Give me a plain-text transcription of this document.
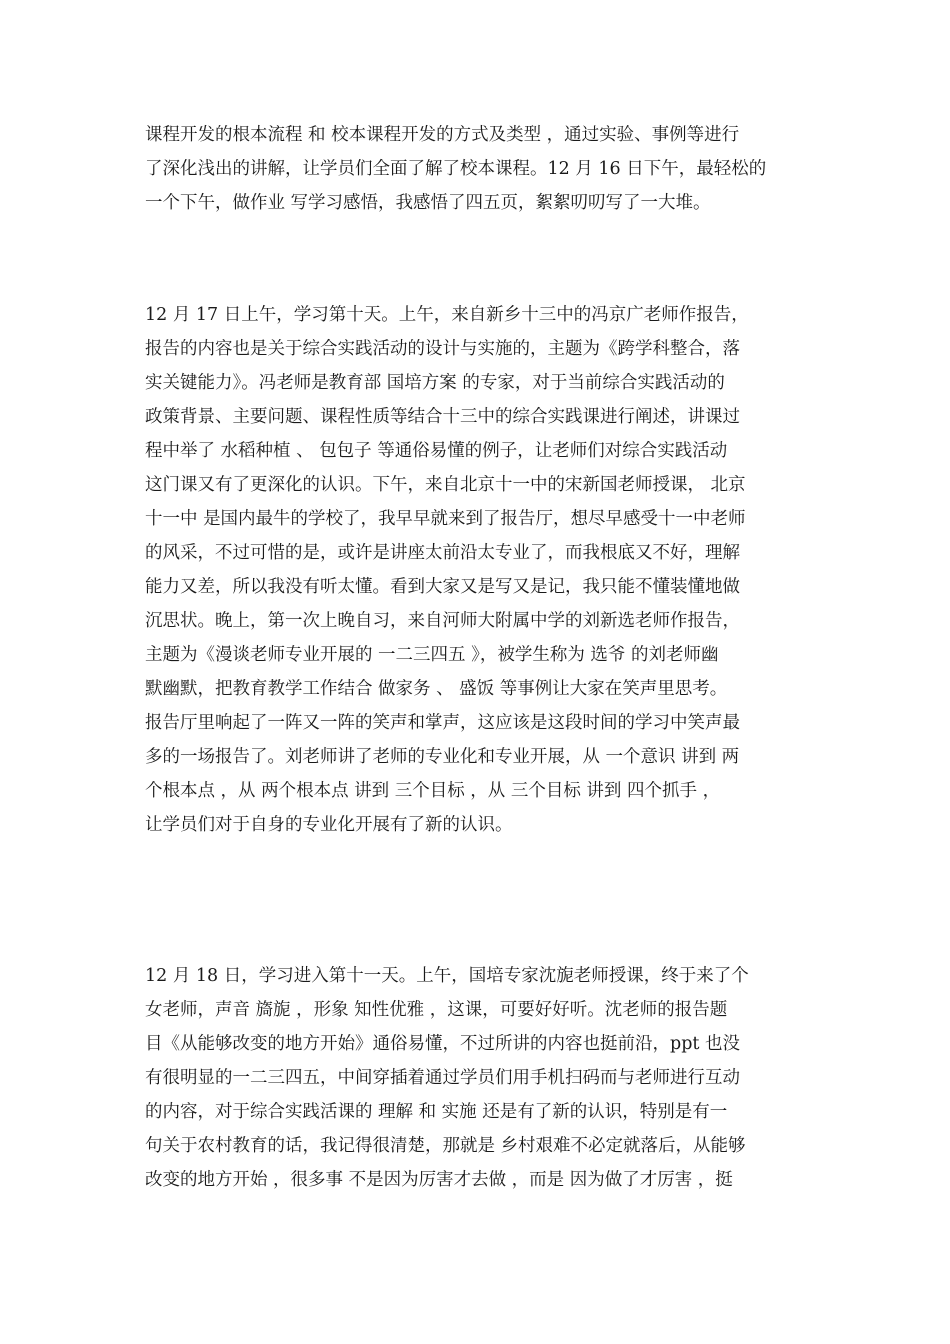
课程开发的根本流程 和 校本课程开发的方式及类型 ，通过实验、事例等进行
了深化浅出的讲解，让学员们全面了解了校本课程。12 月 16 日下午，最轻松的
一个下午，做作业 写学习感悟，我感悟了四五页，絮絮叨叨写了一大堆。
12 月 17 日上午，学习第十天。上午，来自新乡十三中的冯京广老师作报告，
报告的内容也是关于综合实践活动的设计与实施的，主题为《跨学科整合，落
实关键能力》。冯老师是教育部 国培方案 的专家，对于当前综合实践活动的
政策背景、主要问题、课程性质等结合十三中的综合实践课进行阐述，讲课过
程中举了 水稻种植 、 包包子 等通俗易懂的例子，让老师们对综合实践活动
这门课又有了更深化的认识。下午，来自北京十一中的宋新国老师授课， 北京
十一中 是国内最牛的学校了，我早早就来到了报告厅，想尽早感受十一中老师
的风采，不过可惜的是，或许是讲座太前沿太专业了，而我根底又不好，理解
能力又差，所以我没有听太懂。看到大家又是写又是记，我只能不懂装懂地做
沉思状。晚上，第一次上晚自习，来自河师大附属中学的刘新选老师作报告，
主题为《漫谈老师专业开展的 一二三四五 》，被学生称为 选爷 的刘老师幽
默幽默，把教育教学工作结合 做家务 、 盛饭 等事例让大家在笑声里思考。
报告厅里响起了一阵又一阵的笑声和掌声，这应该是这段时间的学习中笑声最
多的一场报告了。刘老师讲了老师的专业化和专业开展，从 一个意识 讲到 两
个根本点 ，从 两个根本点 讲到 三个目标 ，从 三个目标 讲到 四个抓手 ，
让学员们对于自身的专业化开展有了新的认识。
12 月 18 日，学习进入第十一天。上午，国培专家沈旎老师授课，终于来了个
女老师，声音 旖旎 ，形象 知性优雅 ，这课，可要好好听。沈老师的报告题
目《从能够改变的地方开始》通俗易懂，不过所讲的内容也挺前沿，ppt 也没
有很明显的一二三四五，中间穿插着通过学员们用手机扫码而与老师进行互动
的内容，对于综合实践活课的 理解 和 实施 还是有了新的认识，特别是有一
句关于农村教育的话，我记得很清楚，那就是 乡村艰难不必定就落后，从能够
改变的地方开始 ，很多事 不是因为厉害才去做 ，而是 因为做了才厉害 ，挺
